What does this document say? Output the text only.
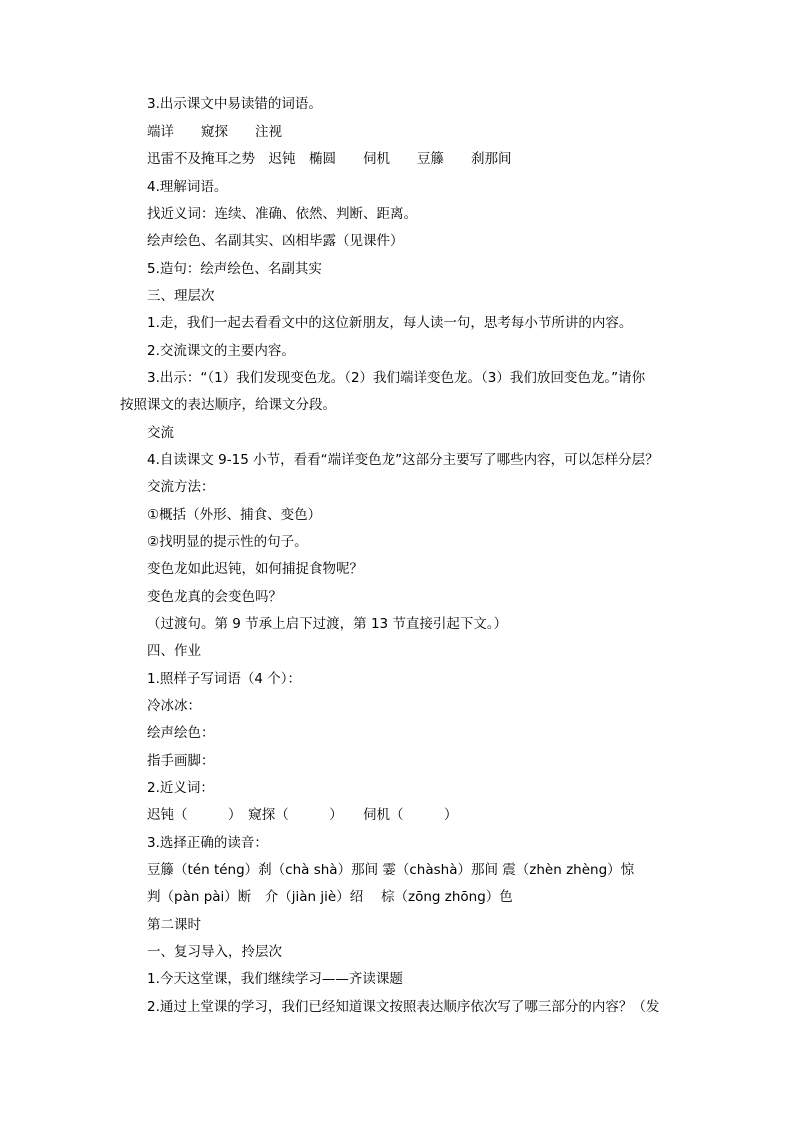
3.出示课文中易读错的词语。
端详　　窥探　　注视
迅雷不及掩耳之势　迟钝　椭圆　　伺机　　豆籐　　刹那间
4.理解词语。
找近义词：连续、准确、依然、判断、距离。
绘声绘色、名副其实、凶相毕露（见课件）
5.造句：绘声绘色、名副其实
三、理层次
1.走，我们一起去看看文中的这位新朋友，每人读一句，思考每小节所讲的内容。
2.交流课文的主要内容。
3.出示：“（1）我们发现变色龙。（2）我们端详变色龙。（3）我们放回变色龙。”请你
按照课文的表达顺序，给课文分段。
交流
4.自读课文 9-15 小节，看看“端详变色龙”这部分主要写了哪些内容，可以怎样分层？
交流方法：
①概括（外形、捕食、变色）
②找明显的提示性的句子。
变色龙如此迟钝，如何捕捉食物呢？
变色龙真的会变色吗？
（过渡句。第 9 节承上启下过渡，第 13 节直接引起下文。）
四、作业
1.照样子写词语（4 个）：
冷冰冰：
绘声绘色：
指手画脚：
2.近义词：
迟钝（　　　）　窥探（　　　）　　伺机（　　　）
3.选择正确的读音：
豆籐（tén téng）刹（chà shà）那间 霎（chàshà）那间 震（zhèn zhèng）惊
判（pàn pài）断　介（jiàn jiè）绍　 棕（zōng zhōng）色
第二课时
一、复习导入，拎层次
1.今天这堂课，我们继续学习——齐读课题
2.通过上堂课的学习，我们已经知道课文按照表达顺序依次写了哪三部分的内容？（发
